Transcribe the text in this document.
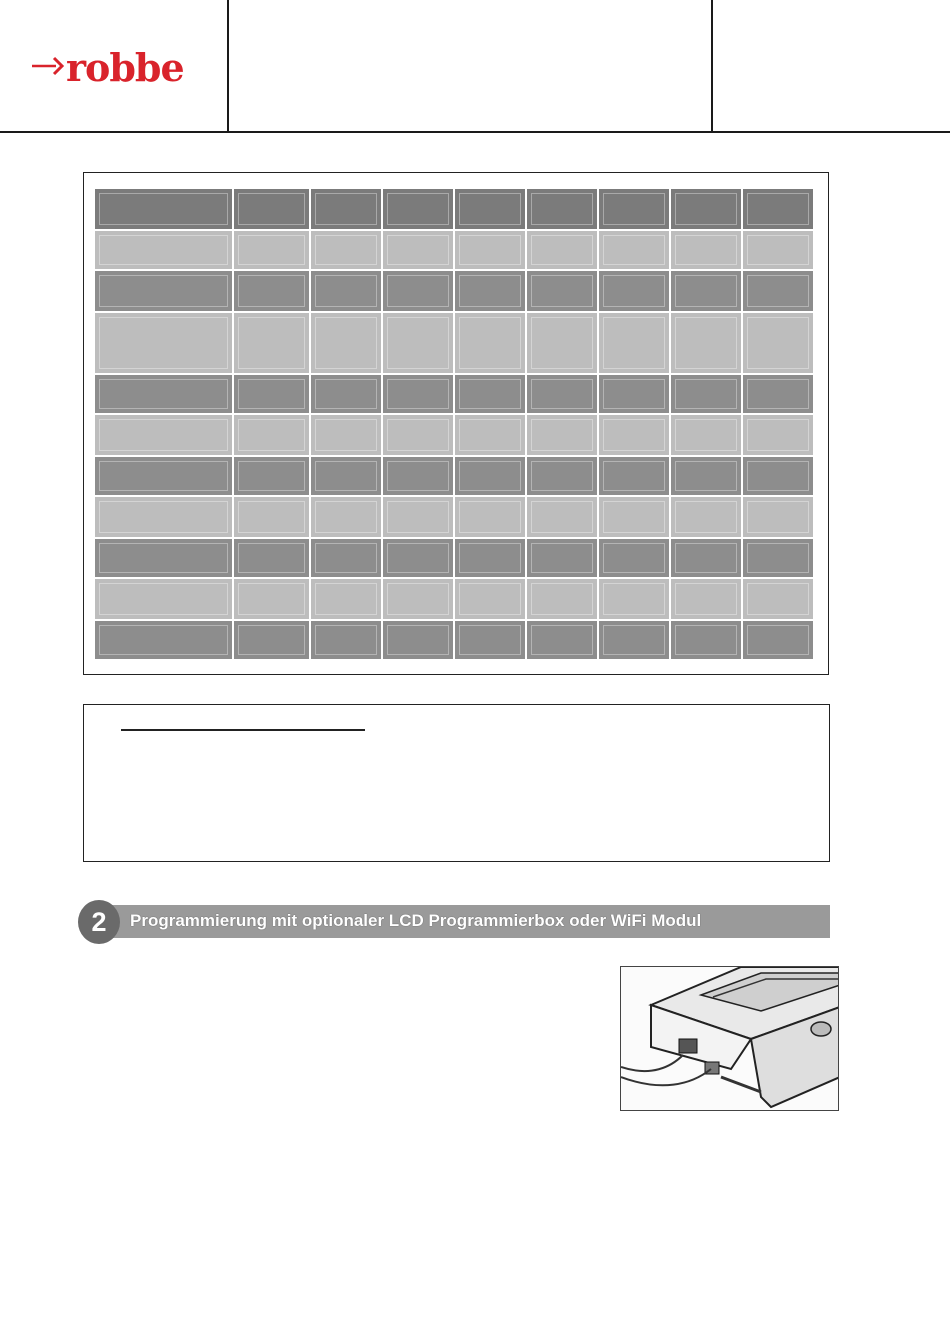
robbe
2	Programmierung mit optionaler LCD Programmierbox oder WiFi Modul
